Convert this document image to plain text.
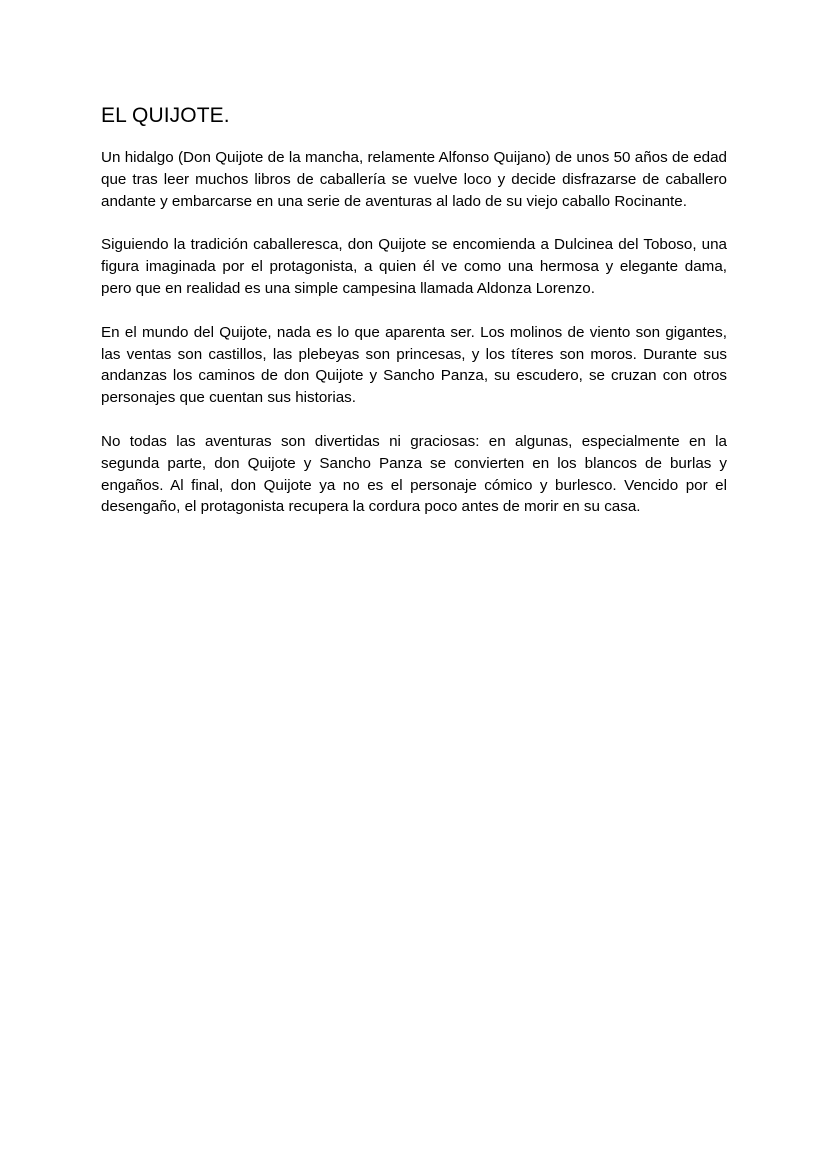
EL QUIJOTE.

Un hidalgo (Don Quijote de la mancha, relamente Alfonso Quijano) de unos 50 años de edad que tras leer muchos libros de caballería se vuelve loco y decide disfrazarse de caballero andante y embarcarse en una serie de aventuras al lado de su viejo caballo Rocinante.

Siguiendo la tradición caballeresca, don Quijote se encomienda a Dulcinea del Toboso, una figura imaginada por el protagonista, a quien él ve como una hermosa y elegante dama, pero que en realidad es una simple campesina llamada Aldonza Lorenzo.

En el mundo del Quijote, nada es lo que aparenta ser. Los molinos de viento son gigantes, las ventas son castillos, las plebeyas son princesas, y los títeres son moros. Durante sus andanzas los caminos de don Quijote y Sancho Panza, su escudero, se cruzan con otros personajes que cuentan sus historias.

No todas las aventuras son divertidas ni graciosas: en algunas, especialmente en la segunda parte, don Quijote y Sancho Panza se convierten en los blancos de burlas y engaños. Al final, don Quijote ya no es el personaje cómico y burlesco. Vencido por el desengaño, el protagonista recupera la cordura poco antes de morir en su casa.
